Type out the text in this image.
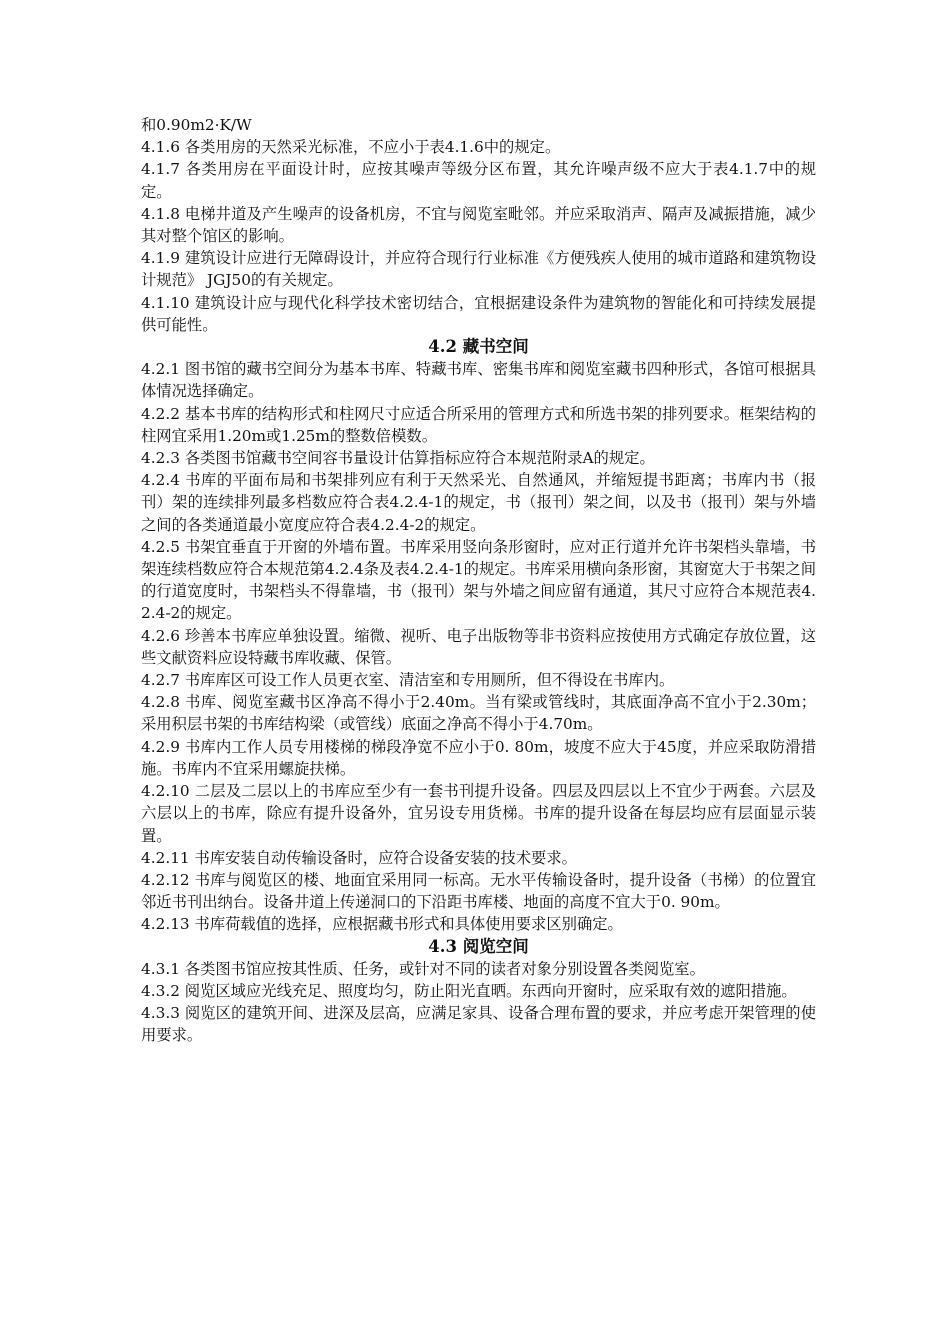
和0.90m2·K/W

4.1.6 各类用房的天然采光标准，不应小于表4.1.6中的规定。

4.1.7 各类用房在平面设计时，应按其噪声等级分区布置，其允许噪声级不应大于表4.1.7中的规定。

4.1.8 电梯井道及产生噪声的设备机房，不宜与阅览室毗邻。并应采取消声、隔声及减振措施，减少其对整个馆区的影响。

4.1.9 建筑设计应进行无障碍设计，并应符合现行行业标准《方便残疾人使用的城市道路和建筑物设计规范》 JGJ50的有关规定。

4.1.10 建筑设计应与现代化科学技术密切结合，宜根据建设条件为建筑物的智能化和可持续发展提供可能性。

4.2 藏书空间

4.2.1 图书馆的藏书空间分为基本书库、特藏书库、密集书库和阅览室藏书四种形式，各馆可根据具体情况选择确定。

4.2.2 基本书库的结构形式和柱网尺寸应适合所采用的管理方式和所选书架的排列要求。框架结构的柱网宜采用1.20m或1.25m的整数倍模数。

4.2.3 各类图书馆藏书空间容书量设计估算指标应符合本规范附录A的规定。

4.2.4 书库的平面布局和书架排列应有利于天然采光、自然通风，并缩短提书距离；书库内书（报刊）架的连续排列最多档数应符合表4.2.4-1的规定，书（报刊）架之间，以及书（报刊）架与外墙之间的各类通道最小宽度应符合表4.2.4-2的规定。

4.2.5 书架宜垂直于开窗的外墙布置。书库采用竖向条形窗时，应对正行道并允许书架档头靠墙，书架连续档数应符合本规范第4.2.4条及表4.2.4-1的规定。书库采用横向条形窗，其窗宽大于书架之间的行道宽度时，书架档头不得靠墙，书（报刊）架与外墙之间应留有通道，其尺寸应符合本规范表4.2.4-2的规定。

4.2.6 珍善本书库应单独设置。缩微、视听、电子出版物等非书资料应按使用方式确定存放位置，这些文献资料应设特藏书库收藏、保管。

4.2.7 书库库区可设工作人员更衣室、清洁室和专用厕所，但不得设在书库内。

4.2.8 书库、阅览室藏书区净高不得小于2.40m。当有梁或管线时，其底面净高不宜小于2.30m；采用积层书架的书库结构梁（或管线）底面之净高不得小于4.70m。

4.2.9 书库内工作人员专用楼梯的梯段净宽不应小于0. 80m，坡度不应大于45度，并应采取防滑措施。书库内不宜采用螺旋扶梯。

4.2.10 二层及二层以上的书库应至少有一套书刊提升设备。四层及四层以上不宜少于两套。六层及六层以上的书库，除应有提升设备外，宜另设专用货梯。书库的提升设备在每层均应有层面显示装置。

4.2.11 书库安装自动传输设备时，应符合设备安装的技术要求。

4.2.12 书库与阅览区的楼、地面宜采用同一标高。无水平传输设备时，提升设备（书梯）的位置宜邻近书刊出纳台。设备井道上传递洞口的下沿距书库楼、地面的高度不宜大于0. 90m。

4.2.13 书库荷载值的选择，应根据藏书形式和具体使用要求区别确定。

4.3 阅览空间

4.3.1 各类图书馆应按其性质、任务，或针对不同的读者对象分别设置各类阅览室。

4.3.2 阅览区域应光线充足、照度均匀，防止阳光直晒。东西向开窗时，应采取有效的遮阳措施。

4.3.3 阅览区的建筑开间、进深及层高，应满足家具、设备合理布置的要求，并应考虑开架管理的使用要求。
